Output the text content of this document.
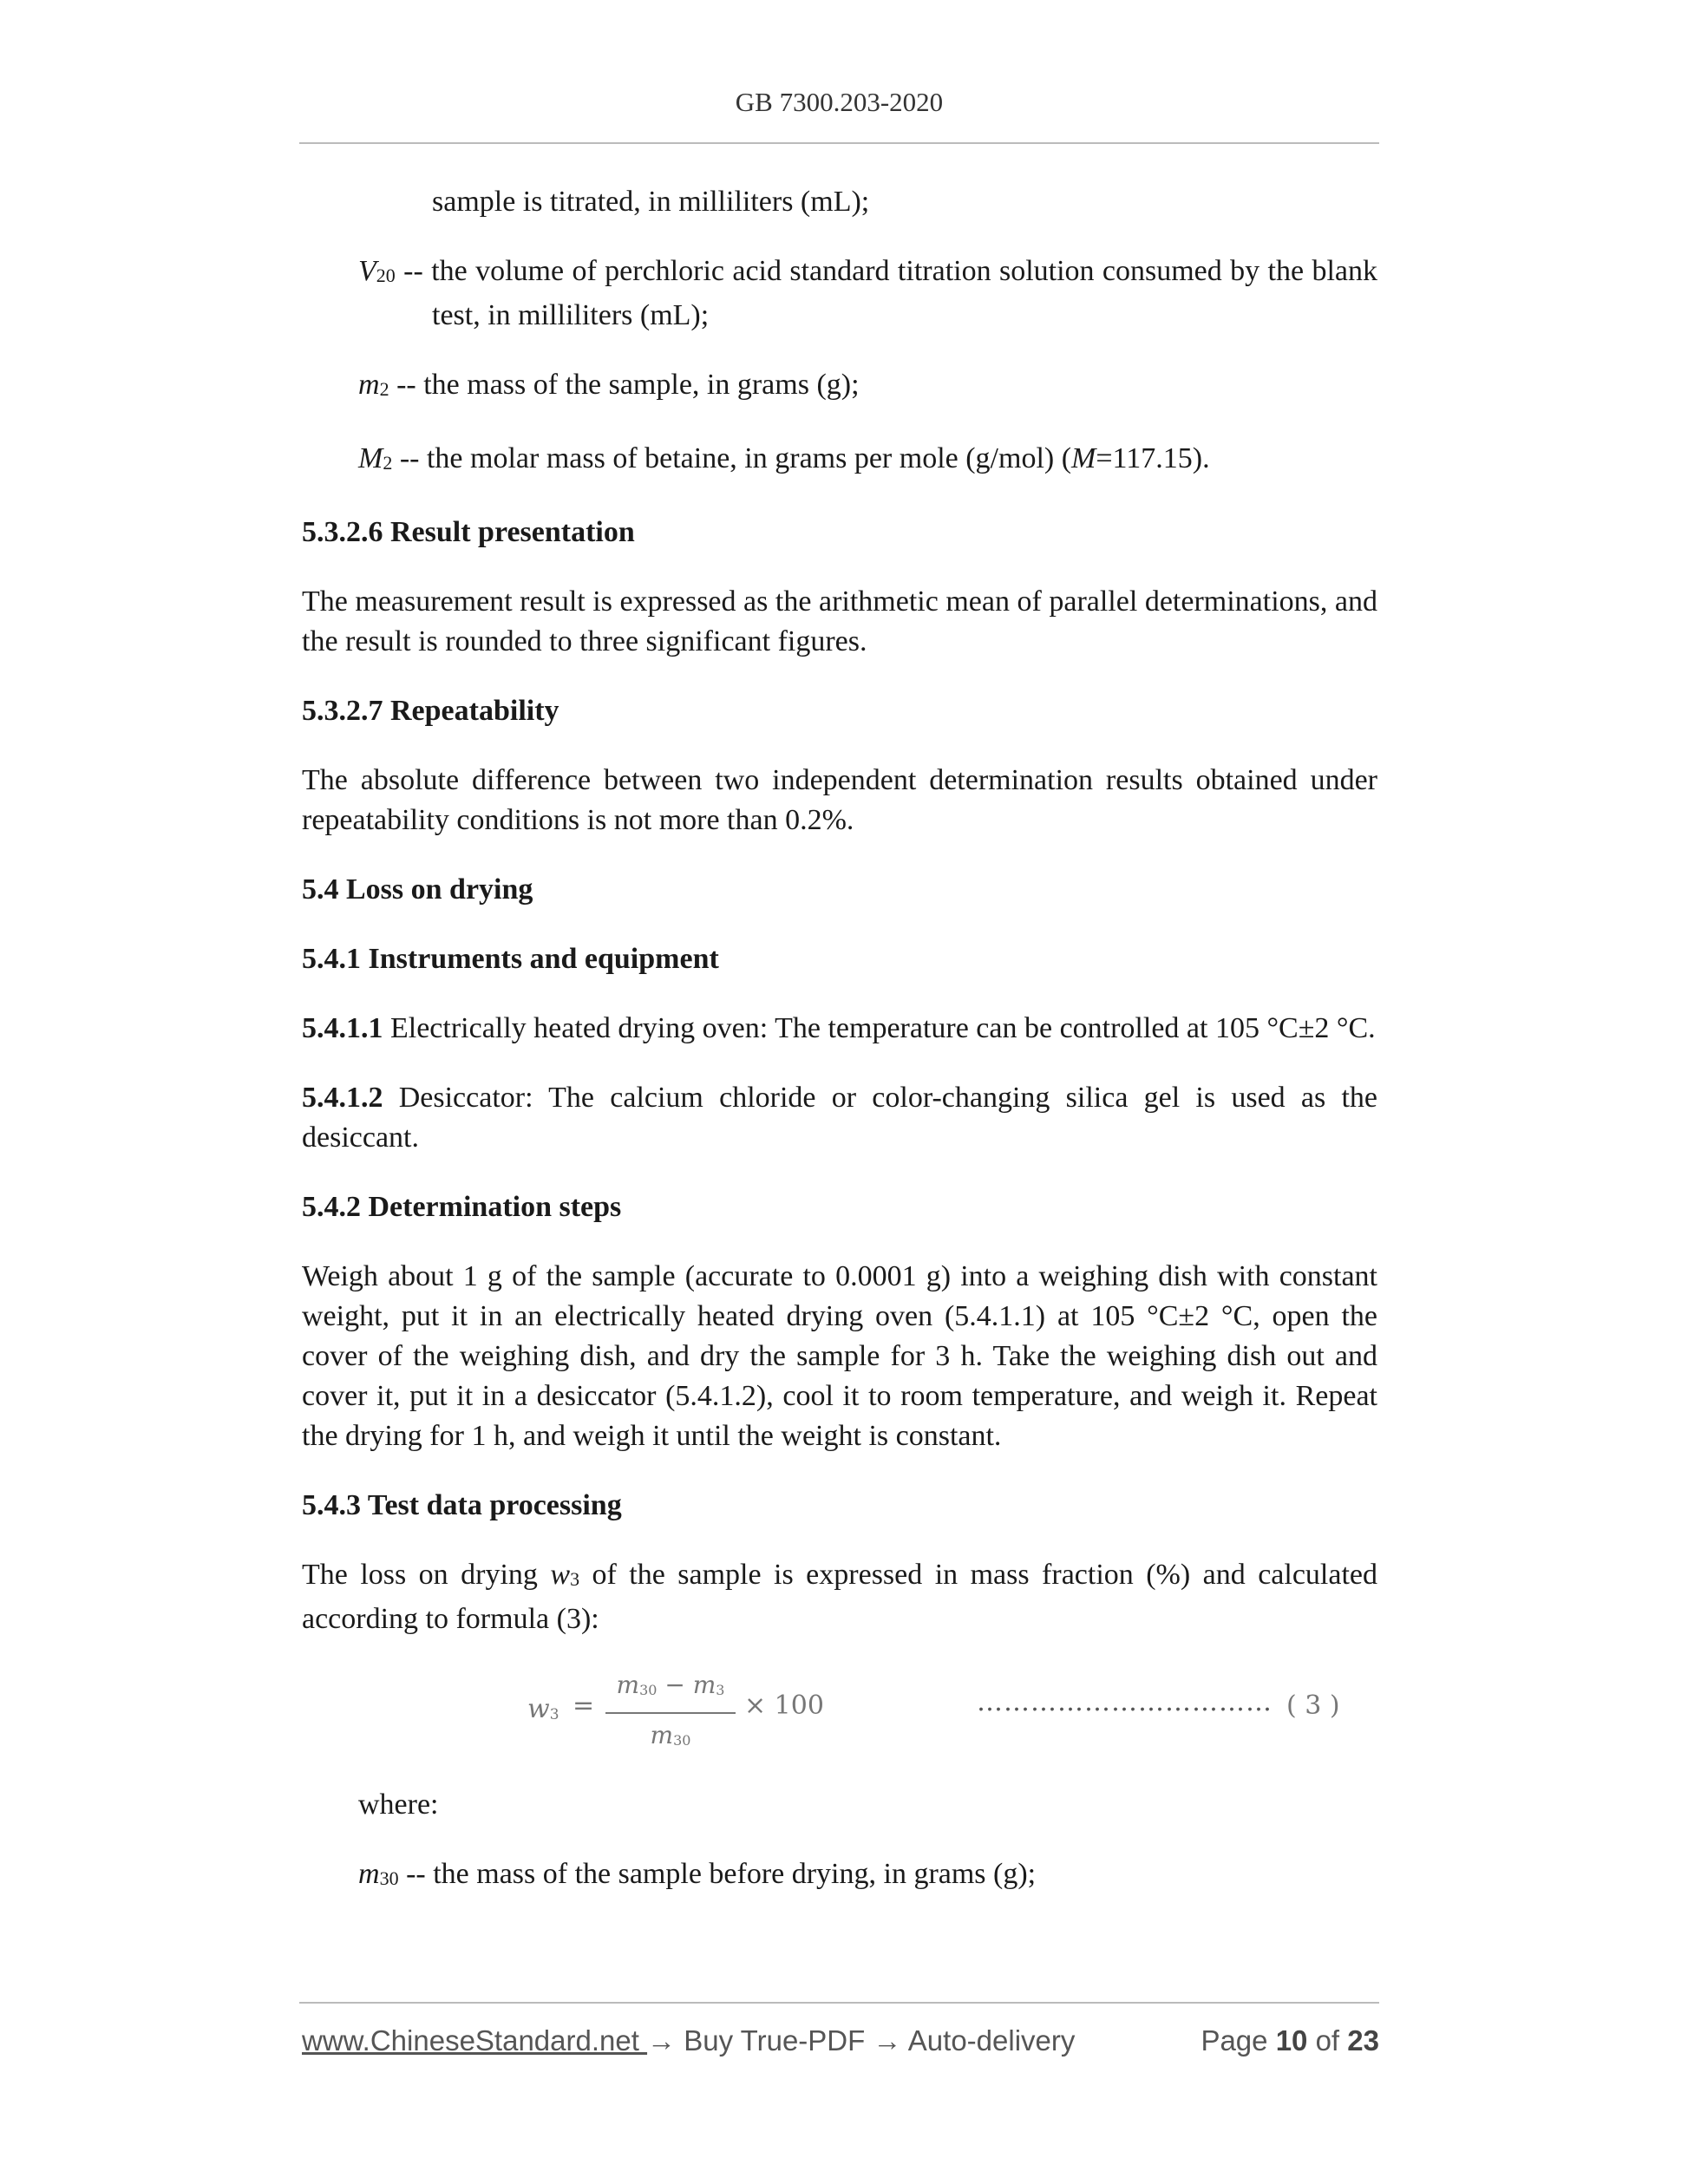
GB 7300.203-2020

sample is titrated, in milliliters (mL);

$V_{20}$ -- the volume of perchloric acid standard titration solution consumed by the blank test, in milliliters (mL);

$m_2$ -- the mass of the sample, in grams (g);

$M_2$ -- the molar mass of betaine, in grams per mole (g/mol) (M=117.15).

5.3.2.6 Result presentation

The measurement result is expressed as the arithmetic mean of parallel determinations, and the result is rounded to three significant figures.

5.3.2.7 Repeatability

The absolute difference between two independent determination results obtained under repeatability conditions is not more than 0.2%.

5.4 Loss on drying

5.4.1 Instruments and equipment

5.4.1.1 Electrically heated drying oven: The temperature can be controlled at 105 °C±2 °C.

5.4.1.2 Desiccator: The calcium chloride or color-changing silica gel is used as the desiccant.

5.4.2 Determination steps

Weigh about 1 g of the sample (accurate to 0.0001 g) into a weighing dish with constant weight, put it in an electrically heated drying oven (5.4.1.1) at 105 °C±2 °C, open the cover of the weighing dish, and dry the sample for 3 h. Take the weighing dish out and cover it, put it in a desiccator (5.4.1.2), cool it to room temperature, and weigh it. Repeat the drying for 1 h, and weigh it until the weight is constant.

5.4.3 Test data processing

The loss on drying $w_3$ of the sample is expressed in mass fraction (%) and calculated according to formula (3):

$w_3$ =
$m_{30} - m_3$
$m_{30}$
× 100	…………………………… ( 3 )

where:

$m_{30}$ -- the mass of the sample before drying, in grams (g);

www.ChineseStandard.net → Buy True-PDF → Auto-delivery	Page 10 of 23
